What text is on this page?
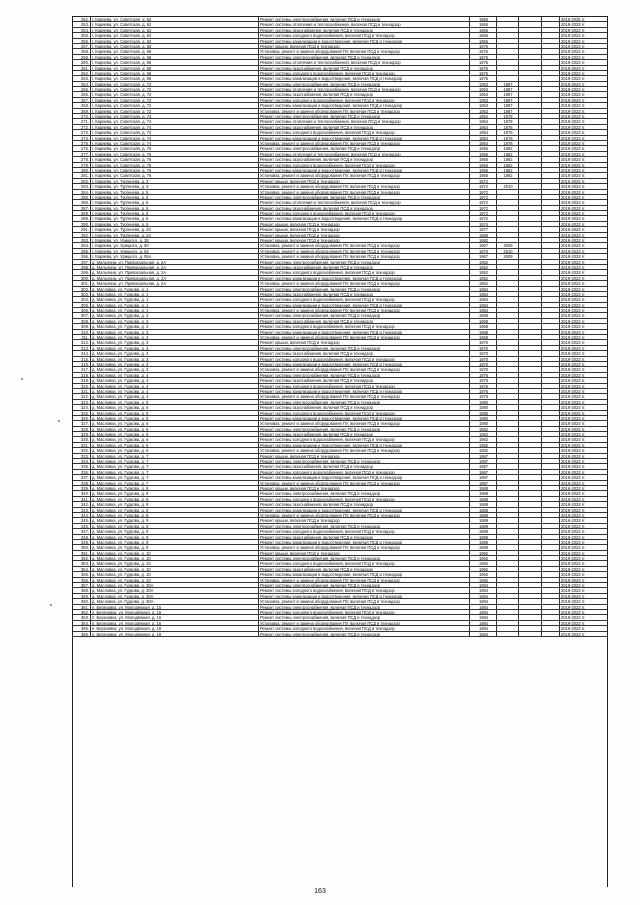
252. г. Кариева, ул. Советская, д. 62	Ремонт системы электроснабжения, включая ПСД и техназдор	1966	2016-2025 гг.
253. г. Кариева, ул. Советская, д. 62	Ремонт системы отопления и теплоснабжения, включая ПСД и технадзор	1966	2019-2023 гг.
254. г. Кариева, ул. Советская, д. 62	Ремонт системы газоснабжения, включая ПСД и технадзор	1966	2019-2023 гг.
255. г. Кариева, ул. Советская, д. 62	Ремонт системы холодного водоснабжения, включая ПСД и технадзор	1966	2019-2023 гг.
256. г. Кариева, ул. Советская, д. 62	Ремонт системы канализации и водоотведения, включая ПСД и технадзор	1966	2019-2023 гг.
257. г. Кариева, ул. Советская, д. 68	Ремонт крыши, включая ПСД и технадзор	1975	2016-2023 гг.
258. г. Кариева, ул. Советская, д. 68	Установка, ремонт и замена оборудования ПУ, включая ПСД и технадзор	1975	2019-2023 гг.
259. г. Кариева, ул. Советская, д. 68	Ремонт системы электроснабжения, включая ПСД и технадзор	1975	2019-2023 гг.
260. г. Кариева, ул. Советская, д. 68	Ремонт системы отопления и теплоснабжения, включая ПСД и технадзор	1975	2019-2023 гг.
261. г. Кариева, ул. Советская, д. 68	Ремонт системы газоснабжения, включая ПСД и технадзор	1975	2019-2023 гг.
262. г. Кариева, ул. Советская, д. 68	Ремонт системы холодного водоснабжения, включая ПСД и технадзор	1975	2019-2023 гг.
263. г. Кариева, ул. Советская, д. 68	Ремонт системы канализации и водоотведения, включая ПСД и технадзор	1975	2019-2023 гг.
264. г. Кариева, ул. Советская, д. 72	Ремонт системы электроснабжения, включая ПСД и технадзор	1953	1987	2019-2023 гг.
265. г. Кариева, ул. Советская, д. 72	Ремонт системы отопления и теплоснабжения, включая ПСД и технадзор	1953	1987	2019-2023 гг.
266. г. Кариева, ул. Советская, д. 72	Ремонт системы газоснабжения, включая ПСД и технадзор	1953	1987	2019-2023 гг.
267. г. Кариева, ул. Советская, д. 72	Ремонт системы холодного водоснабжения, включая ПСД и технадзор	1953	1987	2019-2023 гг.
268. г. Кариева, ул. Советская, д. 72	Ремонт системы канализации и водоотведения, включая ПСД и технадзор	1953	1987	2019-2023 гг.
269. г. Кариева, ул. Советская, д. 72	Установка, ремонт и замена оборудования ПУ, включая ПСД и технадзор	1953	1987	2019-2023 гг.
270. г. Кариева, ул. Советская, д. 74	Ремонт системы электроснабжения, включая ПСД и технадзор	1954	1978	2019-2023 гг.
271. г. Кариева, ул. Советская, д. 74	Ремонт системы отопления и теплоснабжения, включая ПСД и технадзор	1954	1978	2019-2023 гг.
272. г. Кариева, ул. Советская, д. 74	Ремонт системы газоснабжения, включая ПСД и технадзор	1954	1978	2019-2023 гг.
273. г. Кариева, ул. Советская, д. 74	Ремонт системы холодного водоснабжения, включая ПСД и технадзор	1954	1978	2019-2023 гг.
274. г. Кариева, ул. Советская, д. 74	Ремонт системы канализации и водоотведения, включая ПСД и технадзор	1954	1978	2019-2023 гг.
275. г. Кариева, ул. Советская, д. 74	Установка, ремонт и замена оборудования ПУ, включая ПСД и технадзор	1954	1978	2019-2023 гг.
276. г. Кариева, ул. Советская, д. 76	Ремонт системы электроснабжения, включая ПСД и технадзор	1956	1982	2019-2023 гг.
277. г. Кариева, ул. Советская, д. 76	Ремонт системы отопления и теплоснабжения, включая ПСД и технадзор	1956	1982	2019-2023 гг.
278. г. Кариева, ул. Советская, д. 76	Ремонт системы газоснабжения, включая ПСД и технадзор	1956	1982	2019-2023 гг.
279. г. Кариева, ул. Советская, д. 76	Ремонт системы холодного водоснабжения, включая ПСД и технадзор	1956	1982	2019-2023 гг.
280. г. Кариева, ул. Советская, д. 76	Ремонт системы канализации и водоотведения, включая ПСД и технадзор	1956	1982	2019-2023 гг.
281. г. Кариева, ул. Советская, д. 76	Установка, ремонт и замена оборудования ПУ, включая ПСД и технадзор	1956	1982	2019-2023 гг.
282. г. Кариева, ул. Тургенева, д. 3	Ремонт крыши, включая ПСД и технадзор	1972	2016-2023 гг.
283. г. Кариева, ул. Тургенева, д. 3	Установка, ремонт и замена оборудования ПУ, включая ПСД и технадзор	1972	2010	2019-2023 гг.
284. г. Кариева, ул. Тургенева, д. 5	Установка, ремонт и замена оборудования ПУ, включая ПСД и технадзор	1972	2019-2023 гг.
285. г. Кариева, ул. Тургенева, д. 5	Ремонт системы электроснабжения, включая ПСД и технадзор	1972	2019-2023 гг.
286. г. Кариева, ул. Тургенева, д. 5	Ремонт системы отопления и теплоснабжения, включая ПСД и технадзор	1972	2019-2023 гг.
287. г. Кариева, ул. Тургенева, д. 5	Ремонт системы газоснабжения, включая ПСД и технадзор	1972	2019-2023 гг.
288. г. Кариева, ул. Тургенева, д. 5	Ремонт системы холодного водоснабжения, включая ПСД и технадзор	1972	2019-2023 гг.
289. г. Кариева, ул. Тургенева, д. 5	Ремонт системы канализации и водоотведения, включая ПСД и технадзор	1972	2019-2023 гг.
290. г. Кариева, ул. Тургенева, д. 5	Ремонт крыши, включая ПСД и технадзор	1974	2016-2023 гг.
291. г. Кариева, ул. Тургенева, д. 20	Ремонт крыши, включая ПСД и технадзор	1977	2016-2023 гг.
292. г. Кариева, ул. Тургенева, д. 24	Ремонт крыши, включая ПСД и технадзор	1988	2016-2023 гг.
293. г. Кариева, ул. Урицкого, д. 38	Ремонт крыши, включая ПСД и технадзор	1992	2019-2023 гг.
294. г. Кариева, ул. Урицкого, д. 50	Установка, ремонт и замена оборудования ПУ, включая ПСД и технадзор	1967	2009	2019-2023 гг.
295. г. Кариева, ул. Урицкого, д. 54	Установка, ремонт и замена оборудования ПУ, включая ПСД и технадзор	1970	2010	2019-2023 гг.
296. г. Кариева, ул. Урицкого, д. 55А	Установка, ремонт и замена оборудования ПУ, включая ПСД и технадзор	1967	2009	2019-2023 гг.
297. д. Малыгина, ул. Привокзальная, д. 2А	Ремонт системы электроснабжения, включая ПСД и технадзор	1952	2019-2023 гг.
298. д. Малыгина, ул. Привокзальная, д. 2А	Ремонт системы газоснабжения, включая ПСД и технадзор	1952	2019-2023 гг.
299. д. Малыгина, ул. Привокзальная, д. 2А	Ремонт системы холодного водоснабжения, включая ПСД и технадзор	1952	2019-2023 гг.
300. д. Малыгина, ул. Привокзальная, д. 2А	Ремонт системы канализации и водоотведения, включая ПСД и технадзор	1952	2019-2023 гг.
301. д. Малыгина, ул. Привокзальная, д. 2А	Установка, ремонт и замена оборудования ПУ, включая ПСД и технадзор	1952	2019-2023 гг.
302. д. Масловка, ул. Гудкова, д. 1	Ремонт системы электроснабжения, включая ПСД и технадзор	1984	2019-2023 гг.
303. д. Масловка, ул. Гудкова, д. 1	Ремонт системы газоснабжения, включая ПСД и технадзор	1984	2019-2023 гг.
304. д. Масловка, ул. Гудкова, д. 1	Ремонт системы холодного водоснабжения, включая ПСД и технадзор	1984	2019-2023 гг.
305. д. Масловка, ул. Гудкова, д. 1	Ремонт системы канализации и водоотведения, включая ПСД и технадзор	1984	2019-2023 гг.
306. д. Масловка, ул. Гудкова, д. 1	Установка, ремонт и замена оборудования ПУ, включая ПСД и технадзор	1984	2019-2023 гг.
307. д. Масловка, ул. Гудкова, д. 2	Ремонт системы электроснабжения, включая ПСД и технадзор	1968	2019-2023 гг.
308. д. Масловка, ул. Гудкова, д. 2	Ремонт системы газоснабжения, включая ПСД и технадзор	1968	2019-2023 гг.
309. д. Масловка, ул. Гудкова, д. 2	Ремонт системы холодного водоснабжения, включая ПСД и технадзор	1968	2019-2023 гг.
310. д. Масловка, ул. Гудкова, д. 2	Ремонт системы канализации и водоотведения, включая ПСД и технадзор	1968	2019-2023 гг.
311. д. Масловка, ул. Гудкова, д. 2	Установка, ремонт и замена оборудования ПУ, включая ПСД и технадзор	1968	2019-2023 гг.
312. д. Масловка, ул. Гудкова, д. 3	Ремонт крыши, включая ПСД и технадзор	1970	2016-2023 гг.
313. д. Масловка, ул. Гудкова, д. 3	Ремонт системы электроснабжения, включая ПСД и технадзор	1970	2019-2023 гг.
314. д. Масловка, ул. Гудкова, д. 3	Ремонт системы газоснабжения, включая ПСД и технадзор	1970	2019-2023 гг.
315. д. Масловка, ул. Гудкова, д. 3	Ремонт системы холодного водоснабжения, включая ПСД и технадзор	1970	2019-2023 гг.
316. д. Масловка, ул. Гудкова, д. 3	Ремонт системы канализации и водоотведения, включая ПСД и технадзор	1970	2019-2023 гг.
317. д. Масловка, ул. Гудкова, д. 3	Установка, ремонт и замена оборудования ПУ, включая ПСД и технадзор	1970	2019-2023 гг.
318. д. Масловка, ул. Гудкова, д. 4	Ремонт системы электроснабжения, включая ПСД и технадзор	1976	2019-2023 гг.
319. д. Масловка, ул. Гудкова, д. 4	Ремонт системы газоснабжения, включая ПСД и технадзор	1976	2019-2023 гг.
320. д. Масловка, ул. Гудкова, д. 4	Ремонт системы холодного водоснабжения, включая ПСД и технадзор	1976	2019-2023 гг.
321. д. Масловка, ул. Гудкова, д. 4	Ремонт системы канализации и водоотведения, включая ПСД и технадзор	1976	2019-2023 гг.
322. д. Масловка, ул. Гудкова, д. 4	Установка, ремонт и замена оборудования ПУ, включая ПСД и технадзор	1976	2019-2023 гг.
323. д. Масловка, ул. Гудкова, д. 5	Ремонт системы электроснабжения, включая ПСД и технадзор	1980	2019-2023 гг.
324. д. Масловка, ул. Гудкова, д. 5	Ремонт системы газоснабжения, включая ПСД и технадзор	1980	2019-2023 гг.
325. д. Масловка, ул. Гудкова, д. 5	Ремонт системы холодного водоснабжения, включая ПСД и технадзор	1980	2019-2023 гг.
326. д. Масловка, ул. Гудкова, д. 5	Ремонт системы канализации и водоотведения, включая ПСД и технадзор	1980	2019-2023 гг.
327. д. Масловка, ул. Гудкова, д. 5	Установка, ремонт и замена оборудования ПУ, включая ПСД и технадзор	1980	2019-2023 гг.
328. д. Масловка, ул. Гудкова, д. 6	Ремонт системы электроснабжения, включая ПСД и технадзор	1982	2019-2023 гг.
329. д. Масловка, ул. Гудкова, д. 6	Ремонт системы газоснабжения, включая ПСД и технадзор	1982	2019-2023 гг.
330. д. Масловка, ул. Гудкова, д. 6	Ремонт системы холодного водоснабжения, включая ПСД и технадзор	1982	2019-2023 гг.
331. д. Масловка, ул. Гудкова, д. 6	Ремонт системы канализации и водоотведения, включая ПСД и технадзор	1982	2019-2023 гг.
332. д. Масловка, ул. Гудкова, д. 6	Установка, ремонт и замена оборудования ПУ, включая ПСД и технадзор	1982	2019-2023 гг.
333. д. Масловка, ул. Гудкова, д. 7	Ремонт крыши, включая ПСД и технадзор	1987	2019-2023 гг.
334. д. Масловка, ул. Гудкова, д. 7	Ремонт системы электроснабжения, включая ПСД и технадзор	1987	2019-2023 гг.
335. д. Масловка, ул. Гудкова, д. 7	Ремонт системы газоснабжения, включая ПСД и технадзор	1987	2019-2023 гг.
336. д. Масловка, ул. Гудкова, д. 7	Ремонт системы холодного водоснабжения, включая ПСД и технадзор	1987	2019-2023 гг.
337. д. Масловка, ул. Гудкова, д. 7	Ремонт системы канализации и водоотведения, включая ПСД и технадзор	1987	2019-2023 гг.
338. д. Масловка, ул. Гудкова, д. 7	Установка, ремонт и замена оборудования ПУ, включая ПСД и технадзор	1987	2019-2023 гг.
339. д. Масловка, ул. Гудкова, д. 8	Ремонт крыши, включая ПСД и технадзор	1988	2016-2023 гг.
340. д. Масловка, ул. Гудкова, д. 8	Ремонт системы электроснабжения, включая ПСД и технадзор	1988	2019-2023 гг.
341. д. Масловка, ул. Гудкова, д. 8	Ремонт системы холодного водоснабжения, включая ПСД и технадзор	1988	2019-2023 гг.
342. д. Масловка, ул. Гудкова, д. 8	Ремонт системы газоснабжения, включая ПСД и технадзор	1988	2019-2023 гг.
343. д. Масловка, ул. Гудкова, д. 8	Ремонт системы канализации и водоотведения, включая ПСД и технадзор	1988	2019-2023 гг.
344. д. Масловка, ул. Гудкова, д. 8	Установка, ремонт и замена оборудования ПУ, включая ПСД и технадзор	1988	2019-2023 гг.
345. д. Масловка, ул. Гудкова, д. 9	Ремонт крыши, включая ПСД и технадзор	1989	2016-2023 гг.
346. д. Масловка, ул. Гудкова, д. 9	Ремонт системы электроснабжения, включая ПСД и технадзор	1989	2019-2023 гг.
347. д. Масловка, ул. Гудкова, д. 9	Ремонт системы холодного водоснабжения, включая ПСД и технадзор	1989	2019-2023 гг.
348. д. Масловка, ул. Гудкова, д. 9	Ремонт системы газоснабжения, включая ПСД и технадзор	1989	2019-2023 гг.
349. д. Масловка, ул. Гудкова, д. 9	Ремонт системы канализации и водоотведения, включая ПСД и технадзор	1989	2019-2023 гг.
350. д. Масловка, ул. Гудкова, д. 9	Установка, ремонт и замена оборудования ПУ, включая ПСД и технадзор	1989	2019-2023 гг.
351. д. Масловка, ул. Гудкова, д. 10	Ремонт крыши, включая ПСД и технадзор	1992	2016-2023 гг.
352. д. Масловка, ул. Гудкова, д. 10	Ремонт системы электроснабжения, включая ПСД и технадзор	1992	2019-2023 гг.
353. д. Масловка, ул. Гудкова, д. 10	Ремонт системы холодного водоснабжения, включая ПСД и технадзор	1992	2019-2023 гг.
354. д. Масловка, ул. Гудкова, д. 10	Ремонт системы газоснабжения, включая ПСД и технадзор	1992	2019-2023 гг.
355. д. Масловка, ул. Гудкова, д. 10	Ремонт системы канализации и водоотведения, включая ПСД и технадзор	1992	2019-2023 гг.
356. д. Масловка, ул. Гудкова, д. 10	Установка, ремонт и замена оборудования ПУ, включая ПСД и технадзор	1992	2019-2023 гг.
357. д. Масловка, ул. Гудкова, д. 30А	Ремонт системы электроснабжения, включая ПСД и технадзор	1994	2019-2023 гг.
358. д. Масловка, ул. Гудкова, д. 30А	Ремонт системы холодного водоснабжения, включая ПСД и технадзор	1994	2019-2023 гг.
359. д. Масловка, ул. Гудкова, д. 30А	Ремонт системы канализации и водоотведения, включая ПСД и технадзор	1994	2019-2023 гг.
360. д. Масловка, ул. Гудкова, д. 30А	Установка, ремонт и замена оборудования ПУ, включая ПСД и технадзор	1994	2019-2023 гг.
361. п. Березовка, ул. Молодёжная, д. 15	Ремонт системы электроснабжения, включая ПСД и технадзор	1984	2019-2023 гг.
362. п. Березовка, ул. Молодёжная, д. 15	Ремонт системы холодного водоснабжения, включая ПСД и технадзор	1984	2019-2023 гг.
363. п. Березовка, ул. Молодёжная, д. 16	Ремонт системы электроснабжения, включая ПСД и технадзор	1984	2019-2023 гг.
364. п. Березовка, ул. Молодёжная, д. 16	Установка, ремонт и замена оборудования ПУ, включая ПСД и технадзор	1984	2019-2023 гг.
365. п. Березовка, ул. Молодёжная, д. 18	Ремонт системы холодного водоснабжения, включая ПСД и технадзор	1984	2019-2023 гг.
366. п. Березовка, ул. Молодёжная, д. 18	Ремонт системы электроснабжения, включая ПСД и технадзор	1984	2019-2023 гг.
163
